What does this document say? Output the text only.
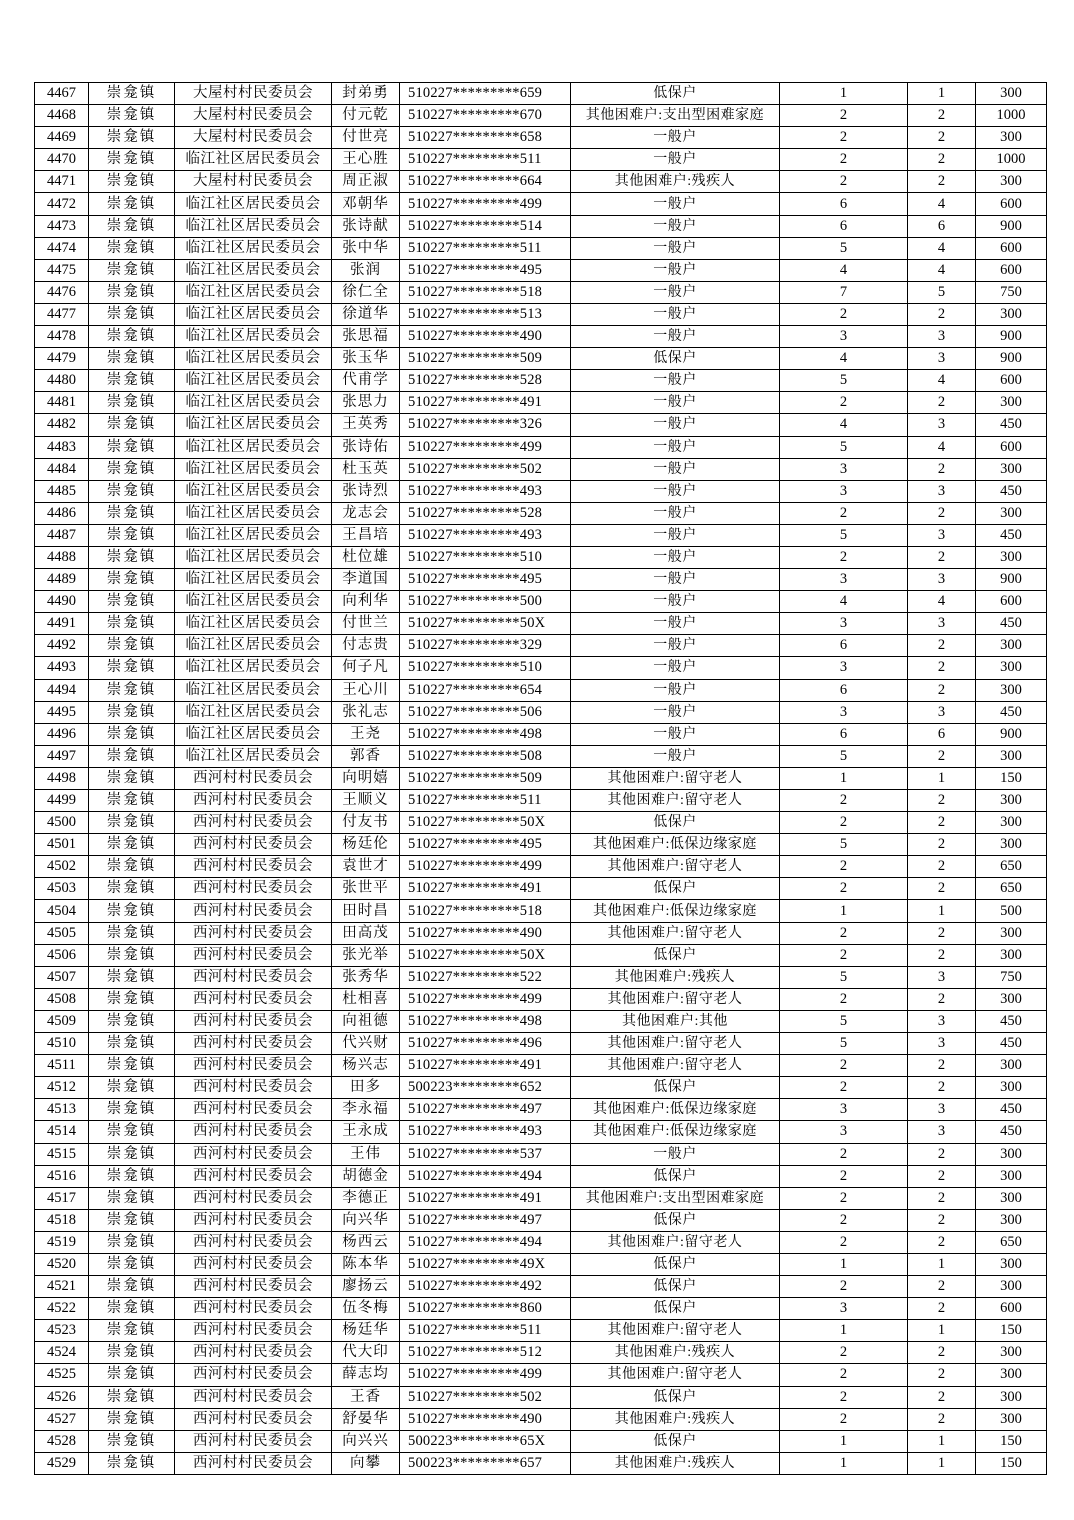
4467	崇龛镇	大屋村村民委员会	封弟勇	510227*********659	低保户	1	1	300
4468	崇龛镇	大屋村村民委员会	付元乾	510227*********670	其他困难户:支出型困难家庭	2	2	1000
4469	崇龛镇	大屋村村民委员会	付世亮	510227*********658	一般户	2	2	300
4470	崇龛镇	临江社区居民委员会	王心胜	510227*********511	一般户	2	2	1000
4471	崇龛镇	大屋村村民委员会	周正淑	510227*********664	其他困难户:残疾人	2	2	300
4472	崇龛镇	临江社区居民委员会	邓朝华	510227*********499	一般户	6	4	600
4473	崇龛镇	临江社区居民委员会	张诗献	510227*********514	一般户	6	6	900
4474	崇龛镇	临江社区居民委员会	张中华	510227*********511	一般户	5	4	600
4475	崇龛镇	临江社区居民委员会	张润	510227*********495	一般户	4	4	600
4476	崇龛镇	临江社区居民委员会	徐仁全	510227*********518	一般户	7	5	750
4477	崇龛镇	临江社区居民委员会	徐道华	510227*********513	一般户	2	2	300
4478	崇龛镇	临江社区居民委员会	张思福	510227*********490	一般户	3	3	900
4479	崇龛镇	临江社区居民委员会	张玉华	510227*********509	低保户	4	3	900
4480	崇龛镇	临江社区居民委员会	代甫学	510227*********528	一般户	5	4	600
4481	崇龛镇	临江社区居民委员会	张思力	510227*********491	一般户	2	2	300
4482	崇龛镇	临江社区居民委员会	王英秀	510227*********326	一般户	4	3	450
4483	崇龛镇	临江社区居民委员会	张诗佑	510227*********499	一般户	5	4	600
4484	崇龛镇	临江社区居民委员会	杜玉英	510227*********502	一般户	3	2	300
4485	崇龛镇	临江社区居民委员会	张诗烈	510227*********493	一般户	3	3	450
4486	崇龛镇	临江社区居民委员会	龙志会	510227*********528	一般户	2	2	300
4487	崇龛镇	临江社区居民委员会	王昌培	510227*********493	一般户	5	3	450
4488	崇龛镇	临江社区居民委员会	杜位雄	510227*********510	一般户	2	2	300
4489	崇龛镇	临江社区居民委员会	李道国	510227*********495	一般户	3	3	900
4490	崇龛镇	临江社区居民委员会	向利华	510227*********500	一般户	4	4	600
4491	崇龛镇	临江社区居民委员会	付世兰	510227*********50X	一般户	3	3	450
4492	崇龛镇	临江社区居民委员会	付志贵	510227*********329	一般户	6	2	300
4493	崇龛镇	临江社区居民委员会	何子凡	510227*********510	一般户	3	2	300
4494	崇龛镇	临江社区居民委员会	王心川	510227*********654	一般户	6	2	300
4495	崇龛镇	临江社区居民委员会	张礼志	510227*********506	一般户	3	3	450
4496	崇龛镇	临江社区居民委员会	王尧	510227*********498	一般户	6	6	900
4497	崇龛镇	临江社区居民委员会	郭香	510227*********508	一般户	5	2	300
4498	崇龛镇	西河村村民委员会	向明嬉	510227*********509	其他困难户:留守老人	1	1	150
4499	崇龛镇	西河村村民委员会	王顺义	510227*********511	其他困难户:留守老人	2	2	300
4500	崇龛镇	西河村村民委员会	付友书	510227*********50X	低保户	2	2	300
4501	崇龛镇	西河村村民委员会	杨廷伦	510227*********495	其他困难户:低保边缘家庭	5	2	300
4502	崇龛镇	西河村村民委员会	袁世才	510227*********499	其他困难户:留守老人	2	2	650
4503	崇龛镇	西河村村民委员会	张世平	510227*********491	低保户	2	2	650
4504	崇龛镇	西河村村民委员会	田时昌	510227*********518	其他困难户:低保边缘家庭	1	1	500
4505	崇龛镇	西河村村民委员会	田高茂	510227*********490	其他困难户:留守老人	2	2	300
4506	崇龛镇	西河村村民委员会	张光举	510227*********50X	低保户	2	2	300
4507	崇龛镇	西河村村民委员会	张秀华	510227*********522	其他困难户:残疾人	5	3	750
4508	崇龛镇	西河村村民委员会	杜相喜	510227*********499	其他困难户:留守老人	2	2	300
4509	崇龛镇	西河村村民委员会	向祖德	510227*********498	其他困难户:其他	5	3	450
4510	崇龛镇	西河村村民委员会	代兴财	510227*********496	其他困难户:留守老人	5	3	450
4511	崇龛镇	西河村村民委员会	杨兴志	510227*********491	其他困难户:留守老人	2	2	300
4512	崇龛镇	西河村村民委员会	田多	500223*********652	低保户	2	2	300
4513	崇龛镇	西河村村民委员会	李永福	510227*********497	其他困难户:低保边缘家庭	3	3	450
4514	崇龛镇	西河村村民委员会	王永成	510227*********493	其他困难户:低保边缘家庭	3	3	450
4515	崇龛镇	西河村村民委员会	王伟	510227*********537	一般户	2	2	300
4516	崇龛镇	西河村村民委员会	胡德金	510227*********494	低保户	2	2	300
4517	崇龛镇	西河村村民委员会	李德正	510227*********491	其他困难户:支出型困难家庭	2	2	300
4518	崇龛镇	西河村村民委员会	向兴华	510227*********497	低保户	2	2	300
4519	崇龛镇	西河村村民委员会	杨西云	510227*********494	其他困难户:留守老人	2	2	650
4520	崇龛镇	西河村村民委员会	陈本华	510227*********49X	低保户	1	1	300
4521	崇龛镇	西河村村民委员会	廖扬云	510227*********492	低保户	2	2	300
4522	崇龛镇	西河村村民委员会	伍冬梅	510227*********860	低保户	3	2	600
4523	崇龛镇	西河村村民委员会	杨廷华	510227*********511	其他困难户:留守老人	1	1	150
4524	崇龛镇	西河村村民委员会	代大印	510227*********512	其他困难户:残疾人	2	2	300
4525	崇龛镇	西河村村民委员会	薛志均	510227*********499	其他困难户:留守老人	2	2	300
4526	崇龛镇	西河村村民委员会	王香	510227*********502	低保户	2	2	300
4527	崇龛镇	西河村村民委员会	舒晏华	510227*********490	其他困难户:残疾人	2	2	300
4528	崇龛镇	西河村村民委员会	向兴兴	500223*********65X	低保户	1	1	150
4529	崇龛镇	西河村村民委员会	向攀	500223*********657	其他困难户:残疾人	1	1	150
